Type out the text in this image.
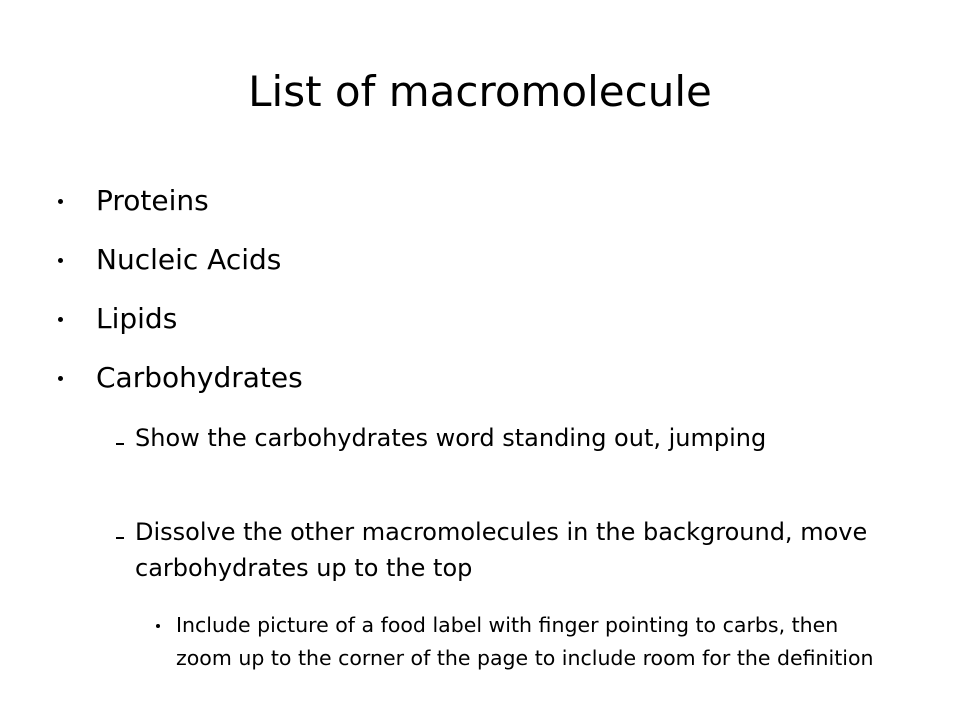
List of macromolecule
Proteins
Nucleic Acids
Lipids
Carbohydrates
Show the carbohydrates word standing out, jumping
Dissolve the other macromolecules in the background, move carbohydrates up to the top
Include picture of a food label with finger pointing to carbs, then zoom up to the corner of the page to include room for the definition
